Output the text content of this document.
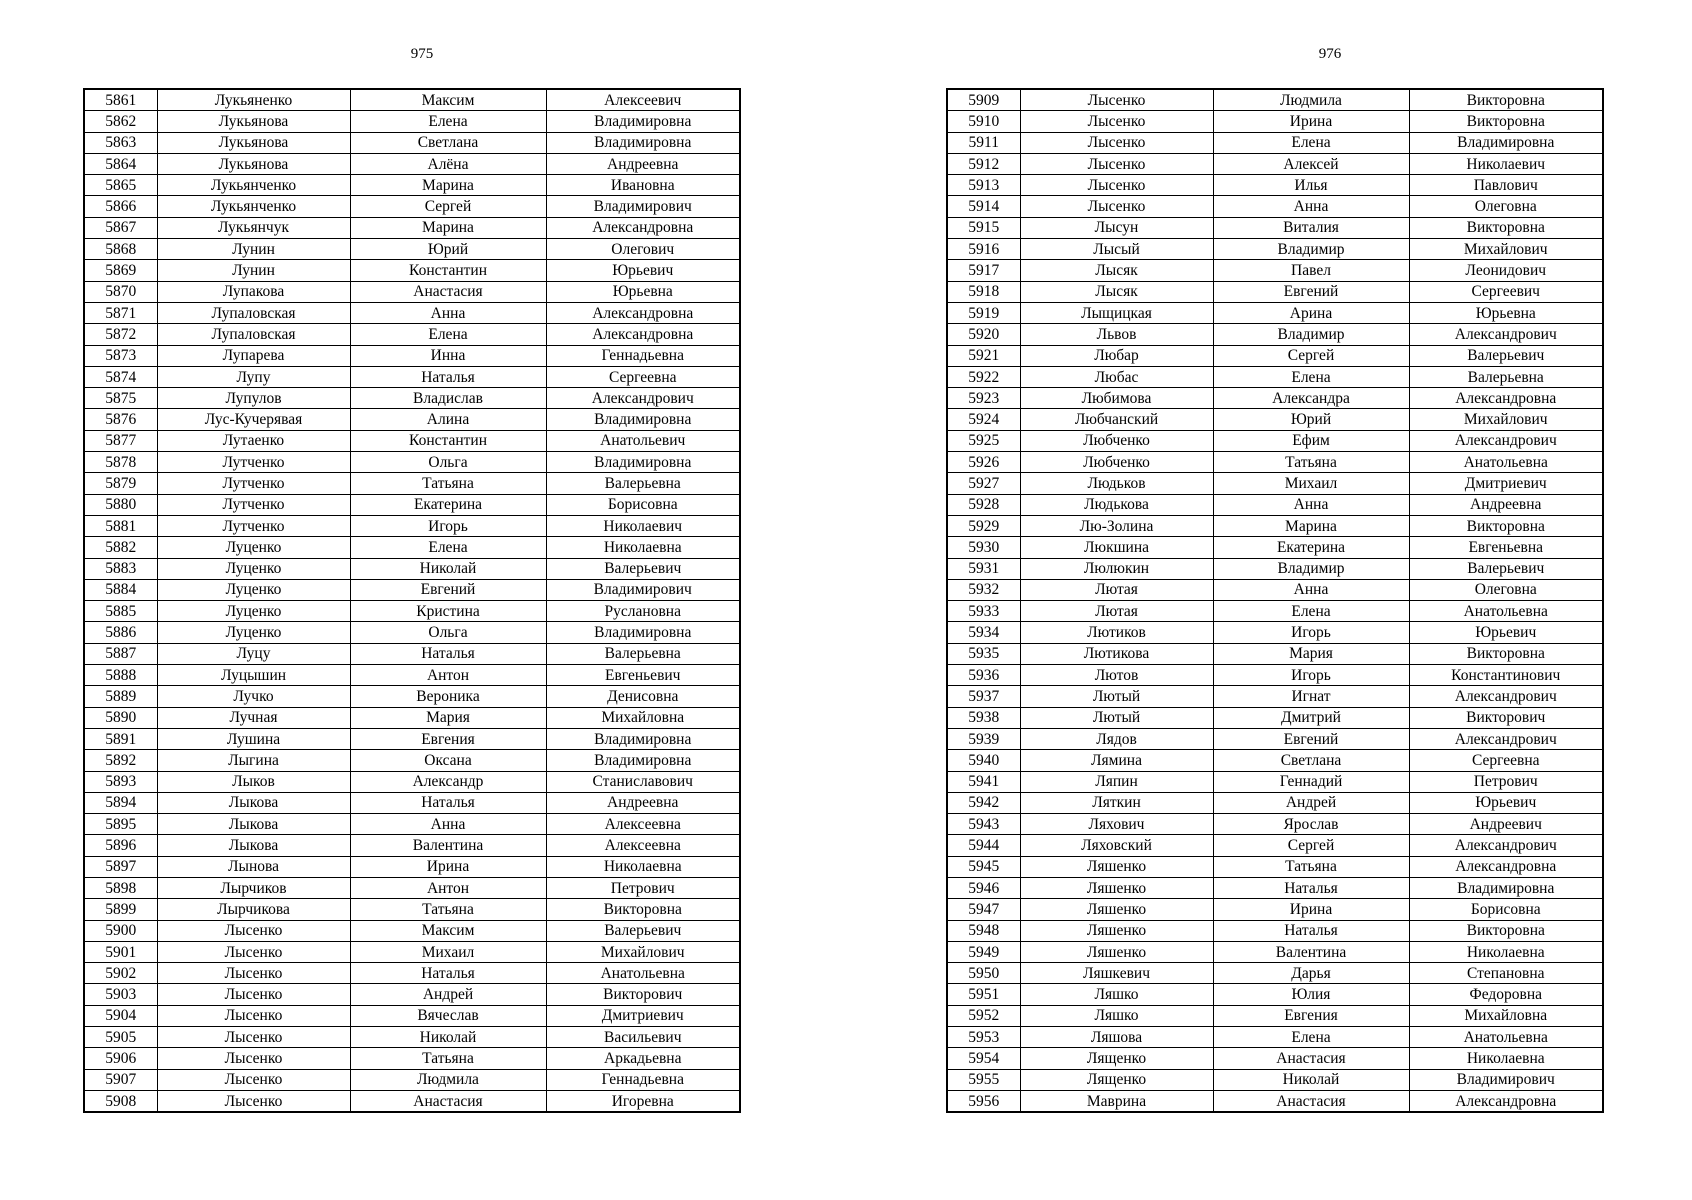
975
5861	Лукьяненко	Максим	Алексеевич
5862	Лукьянова	Елена	Владимировна
5863	Лукьянова	Светлана	Владимировна
5864	Лукьянова	Алёна	Андреевна
5865	Лукьянченко	Марина	Ивановна
5866	Лукьянченко	Сергей	Владимирович
5867	Лукьянчук	Марина	Александровна
5868	Лунин	Юрий	Олегович
5869	Лунин	Константин	Юрьевич
5870	Лупакова	Анастасия	Юрьевна
5871	Лупаловская	Анна	Александровна
5872	Лупаловская	Елена	Александровна
5873	Лупарева	Инна	Геннадьевна
5874	Лупу	Наталья	Сергеевна
5875	Лупулов	Владислав	Александрович
5876	Лус-Кучерявая	Алина	Владимировна
5877	Лутаенко	Константин	Анатольевич
5878	Лутченко	Ольга	Владимировна
5879	Лутченко	Татьяна	Валерьевна
5880	Лутченко	Екатерина	Борисовна
5881	Лутченко	Игорь	Николаевич
5882	Луценко	Елена	Николаевна
5883	Луценко	Николай	Валерьевич
5884	Луценко	Евгений	Владимирович
5885	Луценко	Кристина	Руслановна
5886	Луценко	Ольга	Владимировна
5887	Луцу	Наталья	Валерьевна
5888	Луцышин	Антон	Евгеньевич
5889	Лучко	Вероника	Денисовна
5890	Лучная	Мария	Михайловна
5891	Лушина	Евгения	Владимировна
5892	Лыгина	Оксана	Владимировна
5893	Лыков	Александр	Станиславович
5894	Лыкова	Наталья	Андреевна
5895	Лыкова	Анна	Алексеевна
5896	Лыкова	Валентина	Алексеевна
5897	Лынова	Ирина	Николаевна
5898	Лырчиков	Антон	Петрович
5899	Лырчикова	Татьяна	Викторовна
5900	Лысенко	Максим	Валерьевич
5901	Лысенко	Михаил	Михайлович
5902	Лысенко	Наталья	Анатольевна
5903	Лысенко	Андрей	Викторович
5904	Лысенко	Вячеслав	Дмитриевич
5905	Лысенко	Николай	Васильевич
5906	Лысенко	Татьяна	Аркадьевна
5907	Лысенко	Людмила	Геннадьевна
5908	Лысенко	Анастасия	Игоревна
976
5909	Лысенко	Людмила	Викторовна
5910	Лысенко	Ирина	Викторовна
5911	Лысенко	Елена	Владимировна
5912	Лысенко	Алексей	Николаевич
5913	Лысенко	Илья	Павлович
5914	Лысенко	Анна	Олеговна
5915	Лысун	Виталия	Викторовна
5916	Лысый	Владимир	Михайлович
5917	Лысяк	Павел	Леонидович
5918	Лысяк	Евгений	Сергеевич
5919	Лыщицкая	Арина	Юрьевна
5920	Львов	Владимир	Александрович
5921	Любар	Сергей	Валерьевич
5922	Любас	Елена	Валерьевна
5923	Любимова	Александра	Александровна
5924	Любчанский	Юрий	Михайлович
5925	Любченко	Ефим	Александрович
5926	Любченко	Татьяна	Анатольевна
5927	Людьков	Михаил	Дмитриевич
5928	Людькова	Анна	Андреевна
5929	Лю-Золина	Марина	Викторовна
5930	Люкшина	Екатерина	Евгеньевна
5931	Люлюкин	Владимир	Валерьевич
5932	Лютая	Анна	Олеговна
5933	Лютая	Елена	Анатольевна
5934	Лютиков	Игорь	Юрьевич
5935	Лютикова	Мария	Викторовна
5936	Лютов	Игорь	Константинович
5937	Лютый	Игнат	Александрович
5938	Лютый	Дмитрий	Викторович
5939	Лядов	Евгений	Александрович
5940	Лямина	Светлана	Сергеевна
5941	Ляпин	Геннадий	Петрович
5942	Ляткин	Андрей	Юрьевич
5943	Ляхович	Ярослав	Андреевич
5944	Ляховский	Сергей	Александрович
5945	Ляшенко	Татьяна	Александровна
5946	Ляшенко	Наталья	Владимировна
5947	Ляшенко	Ирина	Борисовна
5948	Ляшенко	Наталья	Викторовна
5949	Ляшенко	Валентина	Николаевна
5950	Ляшкевич	Дарья	Степановна
5951	Ляшко	Юлия	Федоровна
5952	Ляшко	Евгения	Михайловна
5953	Ляшова	Елена	Анатольевна
5954	Лященко	Анастасия	Николаевна
5955	Лященко	Николай	Владимирович
5956	Маврина	Анастасия	Александровна
